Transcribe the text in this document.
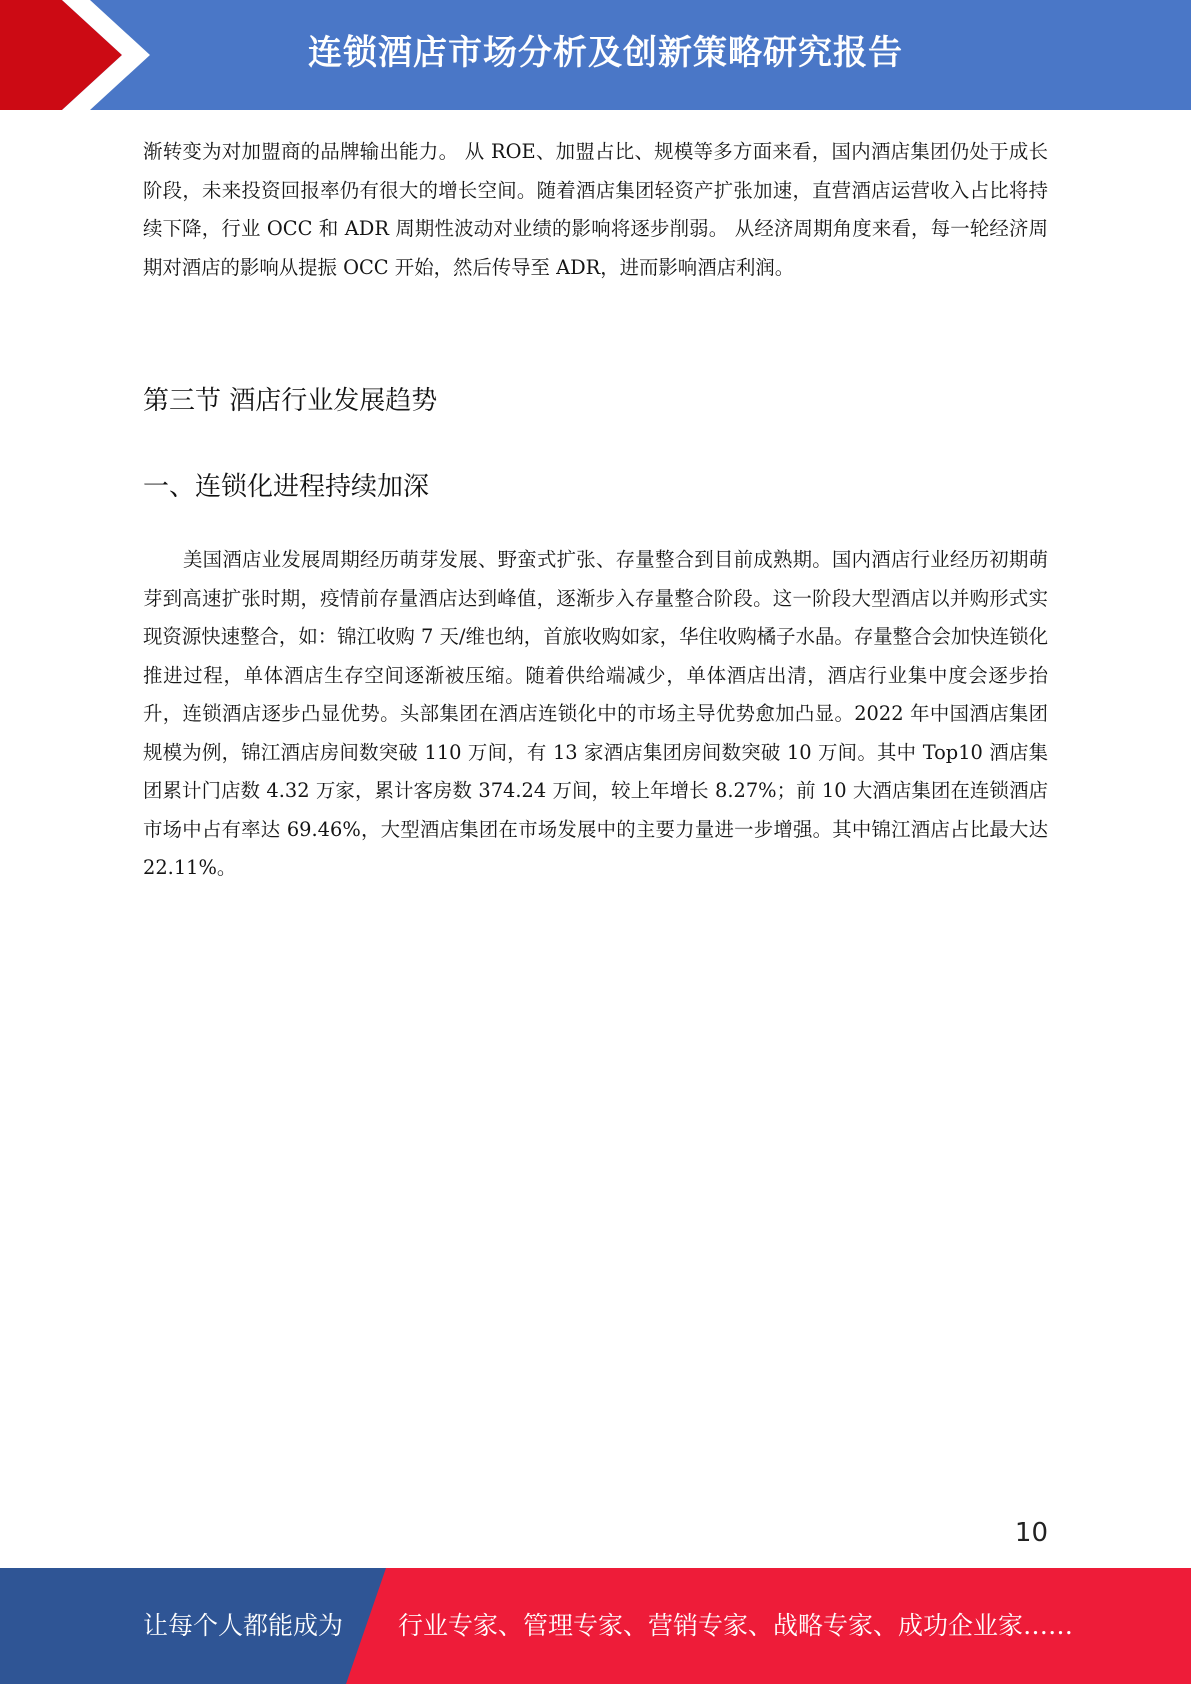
连锁酒店市场分析及创新策略研究报告

渐转变为对加盟商的品牌输出能力。 从 ROE、加盟占比、规模等多方面来看，国内酒店集团仍处于成长阶段，未来投资回报率仍有很大的增长空间。随着酒店集团轻资产扩张加速，直营酒店运营收入占比将持续下降，行业 OCC 和 ADR 周期性波动对业绩的影响将逐步削弱。 从经济周期角度来看，每一轮经济周期对酒店的影响从提振 OCC 开始，然后传导至 ADR，进而影响酒店利润。

第三节 酒店行业发展趋势
一、连锁化进程持续加深

美国酒店业发展周期经历萌芽发展、野蛮式扩张、存量整合到目前成熟期。国内酒店行业经历初期萌芽到高速扩张时期，疫情前存量酒店达到峰值，逐渐步入存量整合阶段。这一阶段大型酒店以并购形式实现资源快速整合，如：锦江收购 7 天/维也纳，首旅收购如家，华住收购橘子水晶。存量整合会加快连锁化推进过程，单体酒店生存空间逐渐被压缩。随着供给端减少，单体酒店出清，酒店行业集中度会逐步抬升，连锁酒店逐步凸显优势。头部集团在酒店连锁化中的市场主导优势愈加凸显。2022 年中国酒店集团规模为例，锦江酒店房间数突破 110 万间，有 13 家酒店集团房间数突破 10 万间。其中 Top10 酒店集团累计门店数 4.32 万家，累计客房数 374.24 万间，较上年增长 8.27%；前 10 大酒店集团在连锁酒店市场中占有率达 69.46%，大型酒店集团在市场发展中的主要力量进一步增强。其中锦江酒店占比最大达 22.11%。

10
让每个人都能成为 行业专家、管理专家、营销专家、战略专家、成功企业家……
